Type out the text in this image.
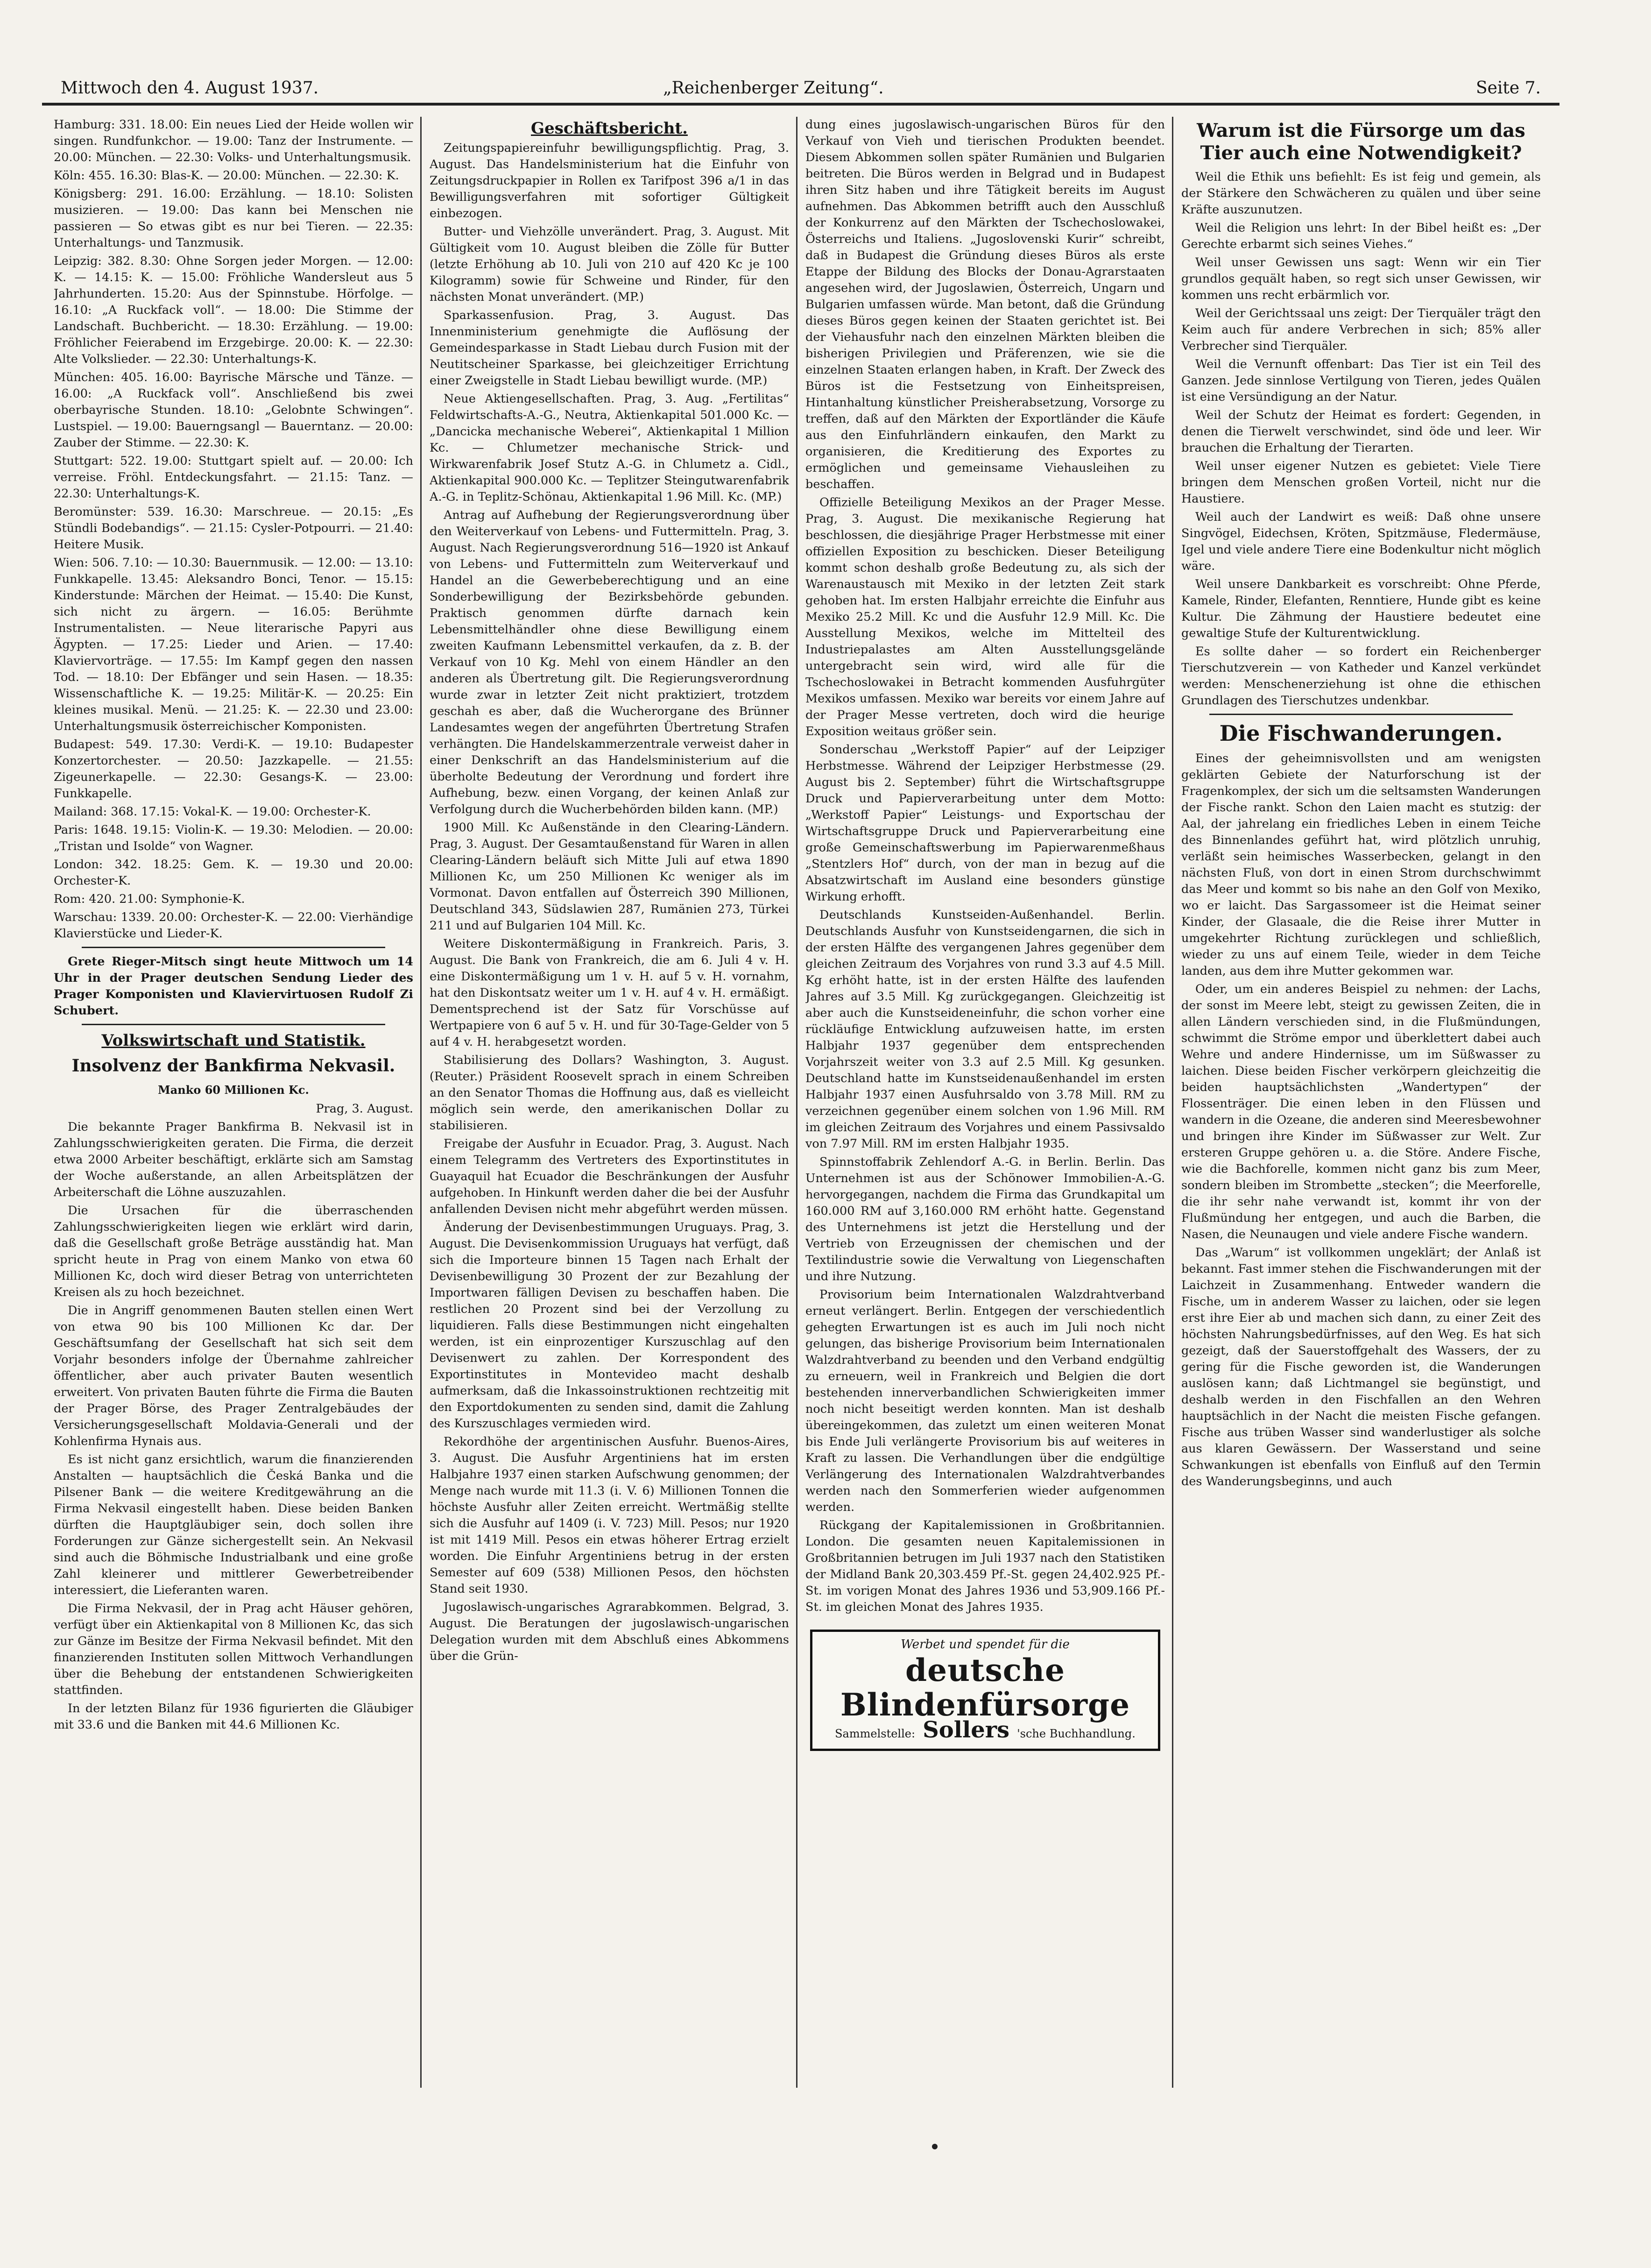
Mittwoch den 4. August 1937.	„Reichenberger Zeitung“.	Seite 7.

Hamburg: 331. 18.00: Ein neues Lied der Heide wollen wir singen. Rundfunkchor. — 19.00: Tanz der Instrumente. — 20.00: München. — 22.30: Volks- und Unterhaltungsmusik.

Köln: 455. 16.30: Blas-K. — 20.00: München. — 22.30: K.

Königsberg: 291. 16.00: Erzählung. — 18.10: Solisten musizieren. — 19.00: Das kann bei Menschen nie passieren — So etwas gibt es nur bei Tieren. — 22.35: Unterhaltungs- und Tanzmusik.

Leipzig: 382. 8.30: Ohne Sorgen jeder Morgen. — 12.00: K. — 14.15: K. — 15.00: Fröhliche Wandersleut aus 5 Jahrhunderten. 15.20: Aus der Spinnstube. Hörfolge. — 16.10: „A Ruckfack voll“. — 18.00: Die Stimme der Landschaft. Buchbericht. — 18.30: Erzählung. — 19.00: Fröhlicher Feierabend im Erzgebirge. 20.00: K. — 22.30: Alte Volkslieder. — 22.30: Unterhaltungs-K.

München: 405. 16.00: Bayrische Märsche und Tänze. — 16.00: „A Ruckfack voll“. Anschließend bis zwei oberbayrische Stunden. 18.10: „Gelobnte Schwingen“. Lustspiel. — 19.00: Bauerngsangl — Bauerntanz. — 20.00: Zauber der Stimme. — 22.30: K.

Stuttgart: 522. 19.00: Stuttgart spielt auf. — 20.00: Ich verreise. Fröhl. Entdeckungsfahrt. — 21.15: Tanz. — 22.30: Unterhaltungs-K.

Beromünster: 539. 16.30: Marschreue. — 20.15: „Es Stündli Bodebandigs“. — 21.15: Cysler-Potpourri. — 21.40: Heitere Musik.

Wien: 506. 7.10: — 10.30: Bauernmusik. — 12.00: — 13.10: Funkkapelle. 13.45: Aleksandro Bonci, Tenor. — 15.15: Kinderstunde: Märchen der Heimat. — 15.40: Die Kunst, sich nicht zu ärgern. — 16.05: Berühmte Instrumentalisten. — Neue literarische Papyri aus Ägypten. — 17.25: Lieder und Arien. — 17.40: Klaviervorträge. — 17.55: Im Kampf gegen den nassen Tod. — 18.10: Der Ebfänger und sein Hasen. — 18.35: Wissenschaftliche K. — 19.25: Militär-K. — 20.25: Ein kleines musikal. Menü. — 21.25: K. — 22.30 und 23.00: Unterhaltungsmusik österreichischer Komponisten.

Budapest: 549. 17.30: Verdi-K. — 19.10: Budapester Konzertorchester. — 20.50: Jazzkapelle. — 21.55: Zigeunerkapelle. — 22.30: Gesangs-K. — 23.00: Funkkapelle.

Mailand: 368. 17.15: Vokal-K. — 19.00: Orchester-K.

Paris: 1648. 19.15: Violin-K. — 19.30: Melodien. — 20.00: „Tristan und Isolde“ von Wagner.

London: 342. 18.25: Gem. K. — 19.30 und 20.00: Orchester-K.

Rom: 420. 21.00: Symphonie-K.

Warschau: 1339. 20.00: Orchester-K. — 22.00: Vierhändige Klavierstücke und Lieder-K.

Grete Rieger-Mitsch singt heute Mittwoch um 14 Uhr in der Prager deutschen Sendung Lieder des Prager Komponisten und Klaviervirtuosen Rudolf Zi Schubert.

Volkswirtschaft und Statistik.
Insolvenz der Bankfirma Nekvasil.
Manko 60 Millionen Kc.

Prag, 3. August.

Die bekannte Prager Bankfirma B. Nekvasil ist in Zahlungsschwierigkeiten geraten. Die Firma, die derzeit etwa 2000 Arbeiter beschäftigt, erklärte sich am Samstag der Woche außerstande, an allen Arbeitsplätzen der Arbeiterschaft die Löhne auszuzahlen.

Die Ursachen für die überraschenden Zahlungsschwierigkeiten liegen wie erklärt wird darin, daß die Gesellschaft große Beträge ausständig hat. Man spricht heute in Prag von einem Manko von etwa 60 Millionen Kc, doch wird dieser Betrag von unterrichteten Kreisen als zu hoch bezeichnet.

Die in Angriff genommenen Bauten stellen einen Wert von etwa 90 bis 100 Millionen Kc dar. Der Geschäftsumfang der Gesellschaft hat sich seit dem Vorjahr besonders infolge der Übernahme zahlreicher öffentlicher, aber auch privater Bauten wesentlich erweitert. Von privaten Bauten führte die Firma die Bauten der Prager Börse, des Prager Zentralgebäudes der Versicherungsgesellschaft Moldavia-Generali und der Kohlenfirma Hynais aus.

Es ist nicht ganz ersichtlich, warum die finanzierenden Anstalten — hauptsächlich die Česká Banka und die Pilsener Bank — die weitere Kreditgewährung an die Firma Nekvasil eingestellt haben. Diese beiden Banken dürften die Hauptgläubiger sein, doch sollen ihre Forderungen zur Gänze sichergestellt sein. An Nekvasil sind auch die Böhmische Industrialbank und eine große Zahl kleinerer und mittlerer Gewerbetreibender interessiert, die Lieferanten waren.

Die Firma Nekvasil, der in Prag acht Häuser gehören, verfügt über ein Aktienkapital von 8 Millionen Kc, das sich zur Gänze im Besitze der Firma Nekvasil befindet. Mit den finanzierenden Instituten sollen Mittwoch Verhandlungen über die Behebung der entstandenen Schwierigkeiten stattfinden.

In der letzten Bilanz für 1936 figurierten die Gläubiger mit 33.6 und die Banken mit 44.6 Millionen Kc.

Geschäftsbericht.

Zeitungspapiereinfuhr bewilligungspflichtig. Prag, 3. August. Das Handelsministerium hat die Einfuhr von Zeitungsdruckpapier in Rollen ex Tarifpost 396 a/1 in das Bewilligungsverfahren mit sofortiger Gültigkeit einbezogen.

Butter- und Viehzölle unverändert. Prag, 3. August. Mit Gültigkeit vom 10. August bleiben die Zölle für Butter (letzte Erhöhung ab 10. Juli von 210 auf 420 Kc je 100 Kilogramm) sowie für Schweine und Rinder, für den nächsten Monat unverändert. (MP.)

Sparkassenfusion. Prag, 3. August. Das Innenministerium genehmigte die Auflösung der Gemeindesparkasse in Stadt Liebau durch Fusion mit der Neutitscheiner Sparkasse, bei gleichzeitiger Errichtung einer Zweigstelle in Stadt Liebau bewilligt wurde. (MP.)

Neue Aktiengesellschaften. Prag, 3. Aug. „Fertilitas“ Feldwirtschafts-A.-G., Neutra, Aktienkapital 501.000 Kc. — „Dancicka mechanische Weberei“, Aktienkapital 1 Million Kc. — Chlumetzer mechanische Strick- und Wirkwarenfabrik Josef Stutz A.-G. in Chlumetz a. Cidl., Aktienkapital 900.000 Kc. — Teplitzer Steingutwarenfabrik A.-G. in Teplitz-Schönau, Aktienkapital 1.96 Mill. Kc. (MP.)

Antrag auf Aufhebung der Regierungsverordnung über den Weiterverkauf von Lebens- und Futtermitteln. Prag, 3. August. Nach Regierungsverordnung 516—1920 ist Ankauf von Lebens- und Futtermitteln zum Weiterverkauf und Handel an die Gewerbeberechtigung und an eine Sonderbewilligung der Bezirksbehörde gebunden. Praktisch genommen dürfte darnach kein Lebensmittelhändler ohne diese Bewilligung einem zweiten Kaufmann Lebensmittel verkaufen, da z. B. der Verkauf von 10 Kg. Mehl von einem Händler an den anderen als Übertretung gilt. Die Regierungsverordnung wurde zwar in letzter Zeit nicht praktiziert, trotzdem geschah es aber, daß die Wucherorgane des Brünner Landesamtes wegen der angeführten Übertretung Strafen verhängten. Die Handelskammerzentrale verweist daher in einer Denkschrift an das Handelsministerium auf die überholte Bedeutung der Verordnung und fordert ihre Aufhebung, bezw. einen Vorgang, der keinen Anlaß zur Verfolgung durch die Wucherbehörden bilden kann. (MP.)

1900 Mill. Kc Außenstände in den Clearing-Ländern. Prag, 3. August. Der Gesamtaußenstand für Waren in allen Clearing-Ländern beläuft sich Mitte Juli auf etwa 1890 Millionen Kc, um 250 Millionen Kc weniger als im Vormonat. Davon entfallen auf Österreich 390 Millionen, Deutschland 343, Südslawien 287, Rumänien 273, Türkei 211 und auf Bulgarien 104 Mill. Kc.

Weitere Diskontermäßigung in Frankreich. Paris, 3. August. Die Bank von Frankreich, die am 6. Juli 4 v. H. eine Diskontermäßigung um 1 v. H. auf 5 v. H. vornahm, hat den Diskontsatz weiter um 1 v. H. auf 4 v. H. ermäßigt. Dementsprechend ist der Satz für Vorschüsse auf Wertpapiere von 6 auf 5 v. H. und für 30-Tage-Gelder von 5 auf 4 v. H. herabgesetzt worden.

Stabilisierung des Dollars? Washington, 3. August. (Reuter.) Präsident Roosevelt sprach in einem Schreiben an den Senator Thomas die Hoffnung aus, daß es vielleicht möglich sein werde, den amerikanischen Dollar zu stabilisieren.

Freigabe der Ausfuhr in Ecuador. Prag, 3. August. Nach einem Telegramm des Vertreters des Exportinstitutes in Guayaquil hat Ecuador die Beschränkungen der Ausfuhr aufgehoben. In Hinkunft werden daher die bei der Ausfuhr anfallenden Devisen nicht mehr abgeführt werden müssen.

Änderung der Devisenbestimmungen Uruguays. Prag, 3. August. Die Devisenkommission Uruguays hat verfügt, daß sich die Importeure binnen 15 Tagen nach Erhalt der Devisenbewilligung 30 Prozent der zur Bezahlung der Importwaren fälligen Devisen zu beschaffen haben. Die restlichen 20 Prozent sind bei der Verzollung zu liquidieren. Falls diese Bestimmungen nicht eingehalten werden, ist ein einprozentiger Kurszuschlag auf den Devisenwert zu zahlen. Der Korrespondent des Exportinstitutes in Montevideo macht deshalb aufmerksam, daß die Inkassoinstruktionen rechtzeitig mit den Exportdokumenten zu senden sind, damit die Zahlung des Kurszuschlages vermieden wird.

Rekordhöhe der argentinischen Ausfuhr. Buenos-Aires, 3. August. Die Ausfuhr Argentiniens hat im ersten Halbjahre 1937 einen starken Aufschwung genommen; der Menge nach wurde mit 11.3 (i. V. 6) Millionen Tonnen die höchste Ausfuhr aller Zeiten erreicht. Wertmäßig stellte sich die Ausfuhr auf 1409 (i. V. 723) Mill. Pesos; nur 1920 ist mit 1419 Mill. Pesos ein etwas höherer Ertrag erzielt worden. Die Einfuhr Argentiniens betrug in der ersten Semester auf 609 (538) Millionen Pesos, den höchsten Stand seit 1930.

Jugoslawisch-ungarisches Agrarabkommen. Belgrad, 3. August. Die Beratungen der jugoslawisch-ungarischen Delegation wurden mit dem Abschluß eines Abkommens über die Grün-

dung eines jugoslawisch-ungarischen Büros für den Verkauf von Vieh und tierischen Produkten beendet. Diesem Abkommen sollen später Rumänien und Bulgarien beitreten. Die Büros werden in Belgrad und in Budapest ihren Sitz haben und ihre Tätigkeit bereits im August aufnehmen. Das Abkommen betrifft auch den Ausschluß der Konkurrenz auf den Märkten der Tschechoslowakei, Österreichs und Italiens. „Jugoslovenski Kurir“ schreibt, daß in Budapest die Gründung dieses Büros als erste Etappe der Bildung des Blocks der Donau-Agrarstaaten angesehen wird, der Jugoslawien, Österreich, Ungarn und Bulgarien umfassen würde. Man betont, daß die Gründung dieses Büros gegen keinen der Staaten gerichtet ist. Bei der Viehausfuhr nach den einzelnen Märkten bleiben die bisherigen Privilegien und Präferenzen, wie sie die einzelnen Staaten erlangen haben, in Kraft. Der Zweck des Büros ist die Festsetzung von Einheitspreisen, Hintanhaltung künstlicher Preisherabsetzung, Vorsorge zu treffen, daß auf den Märkten der Exportländer die Käufe aus den Einfuhrländern einkaufen, den Markt zu organisieren, die Kreditierung des Exportes zu ermöglichen und gemeinsame Viehausleihen zu beschaffen.

Offizielle Beteiligung Mexikos an der Prager Messe. Prag, 3. August. Die mexikanische Regierung hat beschlossen, die diesjährige Prager Herbstmesse mit einer offiziellen Exposition zu beschicken. Dieser Beteiligung kommt schon deshalb große Bedeutung zu, als sich der Warenaustausch mit Mexiko in der letzten Zeit stark gehoben hat. Im ersten Halbjahr erreichte die Einfuhr aus Mexiko 25.2 Mill. Kc und die Ausfuhr 12.9 Mill. Kc. Die Ausstellung Mexikos, welche im Mittelteil des Industriepalastes am Alten Ausstellungsgelände untergebracht sein wird, wird alle für die Tschechoslowakei in Betracht kommenden Ausfuhrgüter Mexikos umfassen. Mexiko war bereits vor einem Jahre auf der Prager Messe vertreten, doch wird die heurige Exposition weitaus größer sein.

Sonderschau „Werkstoff Papier“ auf der Leipziger Herbstmesse. Während der Leipziger Herbstmesse (29. August bis 2. September) führt die Wirtschaftsgruppe Druck und Papierverarbeitung unter dem Motto: „Werkstoff Papier“ Leistungs- und Exportschau der Wirtschaftsgruppe Druck und Papierverarbeitung eine große Gemeinschaftswerbung im Papierwarenmeßhaus „Stentzlers Hof“ durch, von der man in bezug auf die Absatzwirtschaft im Ausland eine besonders günstige Wirkung erhofft.

Deutschlands Kunstseiden-Außenhandel. Berlin. Deutschlands Ausfuhr von Kunstseidengarnen, die sich in der ersten Hälfte des vergangenen Jahres gegenüber dem gleichen Zeitraum des Vorjahres von rund 3.3 auf 4.5 Mill. Kg erhöht hatte, ist in der ersten Hälfte des laufenden Jahres auf 3.5 Mill. Kg zurückgegangen. Gleichzeitig ist aber auch die Kunstseideneinfuhr, die schon vorher eine rückläufige Entwicklung aufzuweisen hatte, im ersten Halbjahr 1937 gegenüber dem entsprechenden Vorjahrszeit weiter von 3.3 auf 2.5 Mill. Kg gesunken. Deutschland hatte im Kunstseidenaußenhandel im ersten Halbjahr 1937 einen Ausfuhrsaldo von 3.78 Mill. RM zu verzeichnen gegenüber einem solchen von 1.96 Mill. RM im gleichen Zeitraum des Vorjahres und einem Passivsaldo von 7.97 Mill. RM im ersten Halbjahr 1935.

Spinnstoffabrik Zehlendorf A.-G. in Berlin. Berlin. Das Unternehmen ist aus der Schönower Immobilien-A.-G. hervorgegangen, nachdem die Firma das Grundkapital um 160.000 RM auf 3,160.000 RM erhöht hatte. Gegenstand des Unternehmens ist jetzt die Herstellung und der Vertrieb von Erzeugnissen der chemischen und der Textilindustrie sowie die Verwaltung von Liegenschaften und ihre Nutzung.

Provisorium beim Internationalen Walzdrahtverband erneut verlängert. Berlin. Entgegen der verschiedentlich gehegten Erwartungen ist es auch im Juli noch nicht gelungen, das bisherige Provisorium beim Internationalen Walzdrahtverband zu beenden und den Verband endgültig zu erneuern, weil in Frankreich und Belgien die dort bestehenden innerverbandlichen Schwierigkeiten immer noch nicht beseitigt werden konnten. Man ist deshalb übereingekommen, das zuletzt um einen weiteren Monat bis Ende Juli verlängerte Provisorium bis auf weiteres in Kraft zu lassen. Die Verhandlungen über die endgültige Verlängerung des Internationalen Walzdrahtverbandes werden nach den Sommerferien wieder aufgenommen werden.

Rückgang der Kapitalemissionen in Großbritannien. London. Die gesamten neuen Kapitalemissionen in Großbritannien betrugen im Juli 1937 nach den Statistiken der Midland Bank 20,303.459 Pf.-St. gegen 24,402.925 Pf.-St. im vorigen Monat des Jahres 1936 und 53,909.166 Pf.-St. im gleichen Monat des Jahres 1935.

Werbet und spendet für die
deutsche Blindenfürsorge
Sammelstelle: Sollers 'sche Buchhandlung.
Warum ist die Fürsorge um das Tier auch eine Notwendigkeit?

Weil die Ethik uns befiehlt: Es ist feig und gemein, als der Stärkere den Schwächeren zu quälen und über seine Kräfte auszunutzen.

Weil die Religion uns lehrt: In der Bibel heißt es: „Der Gerechte erbarmt sich seines Viehes.“

Weil unser Gewissen uns sagt: Wenn wir ein Tier grundlos gequält haben, so regt sich unser Gewissen, wir kommen uns recht erbärmlich vor.

Weil der Gerichtssaal uns zeigt: Der Tierquäler trägt den Keim auch für andere Verbrechen in sich; 85% aller Verbrecher sind Tierquäler.

Weil die Vernunft offenbart: Das Tier ist ein Teil des Ganzen. Jede sinnlose Vertilgung von Tieren, jedes Quälen ist eine Versündigung an der Natur.

Weil der Schutz der Heimat es fordert: Gegenden, in denen die Tierwelt verschwindet, sind öde und leer. Wir brauchen die Erhaltung der Tierarten.

Weil unser eigener Nutzen es gebietet: Viele Tiere bringen dem Menschen großen Vorteil, nicht nur die Haustiere.

Weil auch der Landwirt es weiß: Daß ohne unsere Singvögel, Eidechsen, Kröten, Spitzmäuse, Fledermäuse, Igel und viele andere Tiere eine Bodenkultur nicht möglich wäre.

Weil unsere Dankbarkeit es vorschreibt: Ohne Pferde, Kamele, Rinder, Elefanten, Renntiere, Hunde gibt es keine Kultur. Die Zähmung der Haustiere bedeutet eine gewaltige Stufe der Kulturentwicklung.

Es sollte daher — so fordert ein Reichenberger Tierschutzverein — von Katheder und Kanzel verkündet werden: Menschenerziehung ist ohne die ethischen Grundlagen des Tierschutzes undenkbar.

Die Fischwanderungen.

Eines der geheimnisvollsten und am wenigsten geklärten Gebiete der Naturforschung ist der Fragenkomplex, der sich um die seltsamsten Wanderungen der Fische rankt. Schon den Laien macht es stutzig: der Aal, der jahrelang ein friedliches Leben in einem Teiche des Binnenlandes geführt hat, wird plötzlich unruhig, verläßt sein heimisches Wasserbecken, gelangt in den nächsten Fluß, von dort in einen Strom durchschwimmt das Meer und kommt so bis nahe an den Golf von Mexiko, wo er laicht. Das Sargassomeer ist die Heimat seiner Kinder, der Glasaale, die die Reise ihrer Mutter in umgekehrter Richtung zurücklegen und schließlich, wieder zu uns auf einem Teile, wieder in dem Teiche landen, aus dem ihre Mutter gekommen war.

Oder, um ein anderes Beispiel zu nehmen: der Lachs, der sonst im Meere lebt, steigt zu gewissen Zeiten, die in allen Ländern verschieden sind, in die Flußmündungen, schwimmt die Ströme empor und überklettert dabei auch Wehre und andere Hindernisse, um im Süßwasser zu laichen. Diese beiden Fischer verkörpern gleichzeitig die beiden hauptsächlichsten „Wandertypen“ der Flossenträger. Die einen leben in den Flüssen und wandern in die Ozeane, die anderen sind Meeresbewohner und bringen ihre Kinder im Süßwasser zur Welt. Zur ersteren Gruppe gehören u. a. die Störe. Andere Fische, wie die Bachforelle, kommen nicht ganz bis zum Meer, sondern bleiben im Strombette „stecken“; die Meerforelle, die ihr sehr nahe verwandt ist, kommt ihr von der Flußmündung her entgegen, und auch die Barben, die Nasen, die Neunaugen und viele andere Fische wandern.

Das „Warum“ ist vollkommen ungeklärt; der Anlaß ist bekannt. Fast immer stehen die Fischwanderungen mit der Laichzeit in Zusammenhang. Entweder wandern die Fische, um in anderem Wasser zu laichen, oder sie legen erst ihre Eier ab und machen sich dann, zu einer Zeit des höchsten Nahrungsbedürfnisses, auf den Weg. Es hat sich gezeigt, daß der Sauerstoffgehalt des Wassers, der zu gering für die Fische geworden ist, die Wanderungen auslösen kann; daß Lichtmangel sie begünstigt, und deshalb werden in den Fischfallen an den Wehren hauptsächlich in der Nacht die meisten Fische gefangen. Fische aus trüben Wasser sind wanderlustiger als solche aus klaren Gewässern. Der Wasserstand und seine Schwankungen ist ebenfalls von Einfluß auf den Termin des Wanderungsbeginns, und auch
